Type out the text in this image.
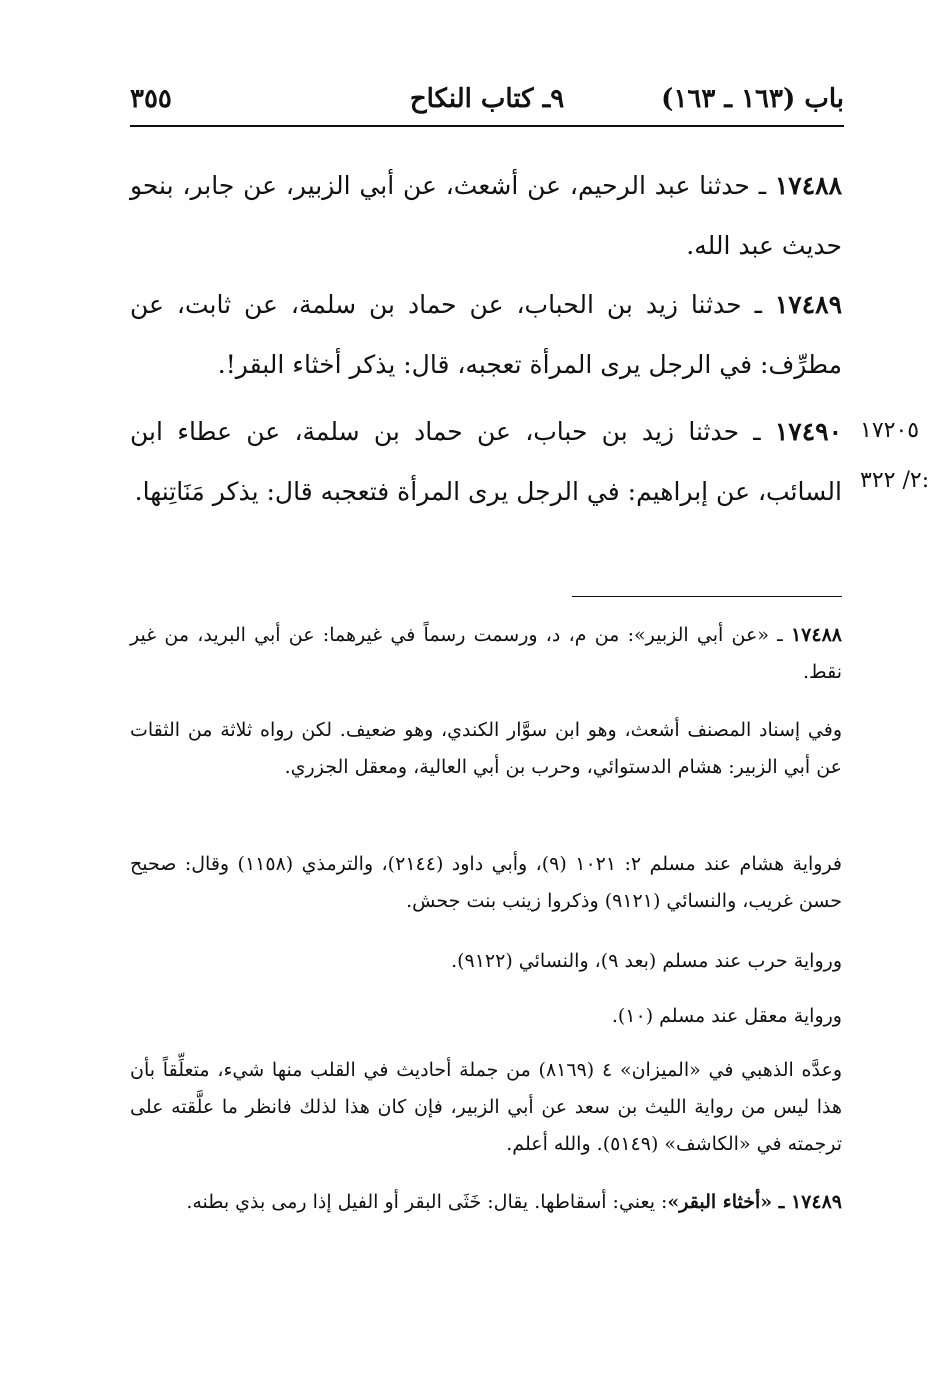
باب (١٦٣ ـ ١٦٣)
٩ـ كتاب النكاح
٣٥٥
١٧٤٨٨ ـ حدثنا عبد الرحيم، عن أشعث، عن أبي الزبير، عن جابر، بنحو حديث عبد الله.
١٧٤٨٩ ـ حدثنا زيد بن الحباب، عن حماد بن سلمة، عن ثابت، عن مطرِّف: في الرجل يرى المرأة تعجبه، قال: يذكر أخثاء البقر!.
١٧٤٩٠ ـ حدثنا زيد بن حباب، عن حماد بن سلمة، عن عطاء ابن السائب، عن إبراهيم: في الرجل يرى المرأة فتعجبه قال: يذكر مَنَاتِنها.
١٧٢٠٥
٢/ ٣٢٢:
١٧٤٨٨ ـ «عن أبي الزبير»: من م، د، ورسمت رسماً في غيرهما: عن أبي البريد، من غير نقط.
وفي إسناد المصنف أشعث، وهو ابن سوَّار الكندي، وهو ضعيف. لكن رواه ثلاثة من الثقات عن أبي الزبير: هشام الدستوائي، وحرب بن أبي العالية، ومعقل الجزري.
فرواية هشام عند مسلم ٢: ١٠٢١ (٩)، وأبي داود (٢١٤٤)، والترمذي (١١٥٨) وقال: صحيح حسن غريب، والنسائي (٩١٢١) وذكروا زينب بنت جحش.
ورواية حرب عند مسلم (بعد ٩)، والنسائي (٩١٢٢).
ورواية معقل عند مسلم (١٠).
وعدَّه الذهبي في «الميزان» ٤ (٨١٦٩) من جملة أحاديث في القلب منها شيء، متعلِّقاً بأن هذا ليس من رواية الليث بن سعد عن أبي الزبير، فإن كان هذا لذلك فانظر ما علَّقته على ترجمته في «الكاشف» (٥١٤٩). والله أعلم.
١٧٤٨٩ ـ «أخثاء البقر»: يعني: أسقاطها. يقال: خَثَى البقر أو الفيل إذا رمى بذي بطنه.
